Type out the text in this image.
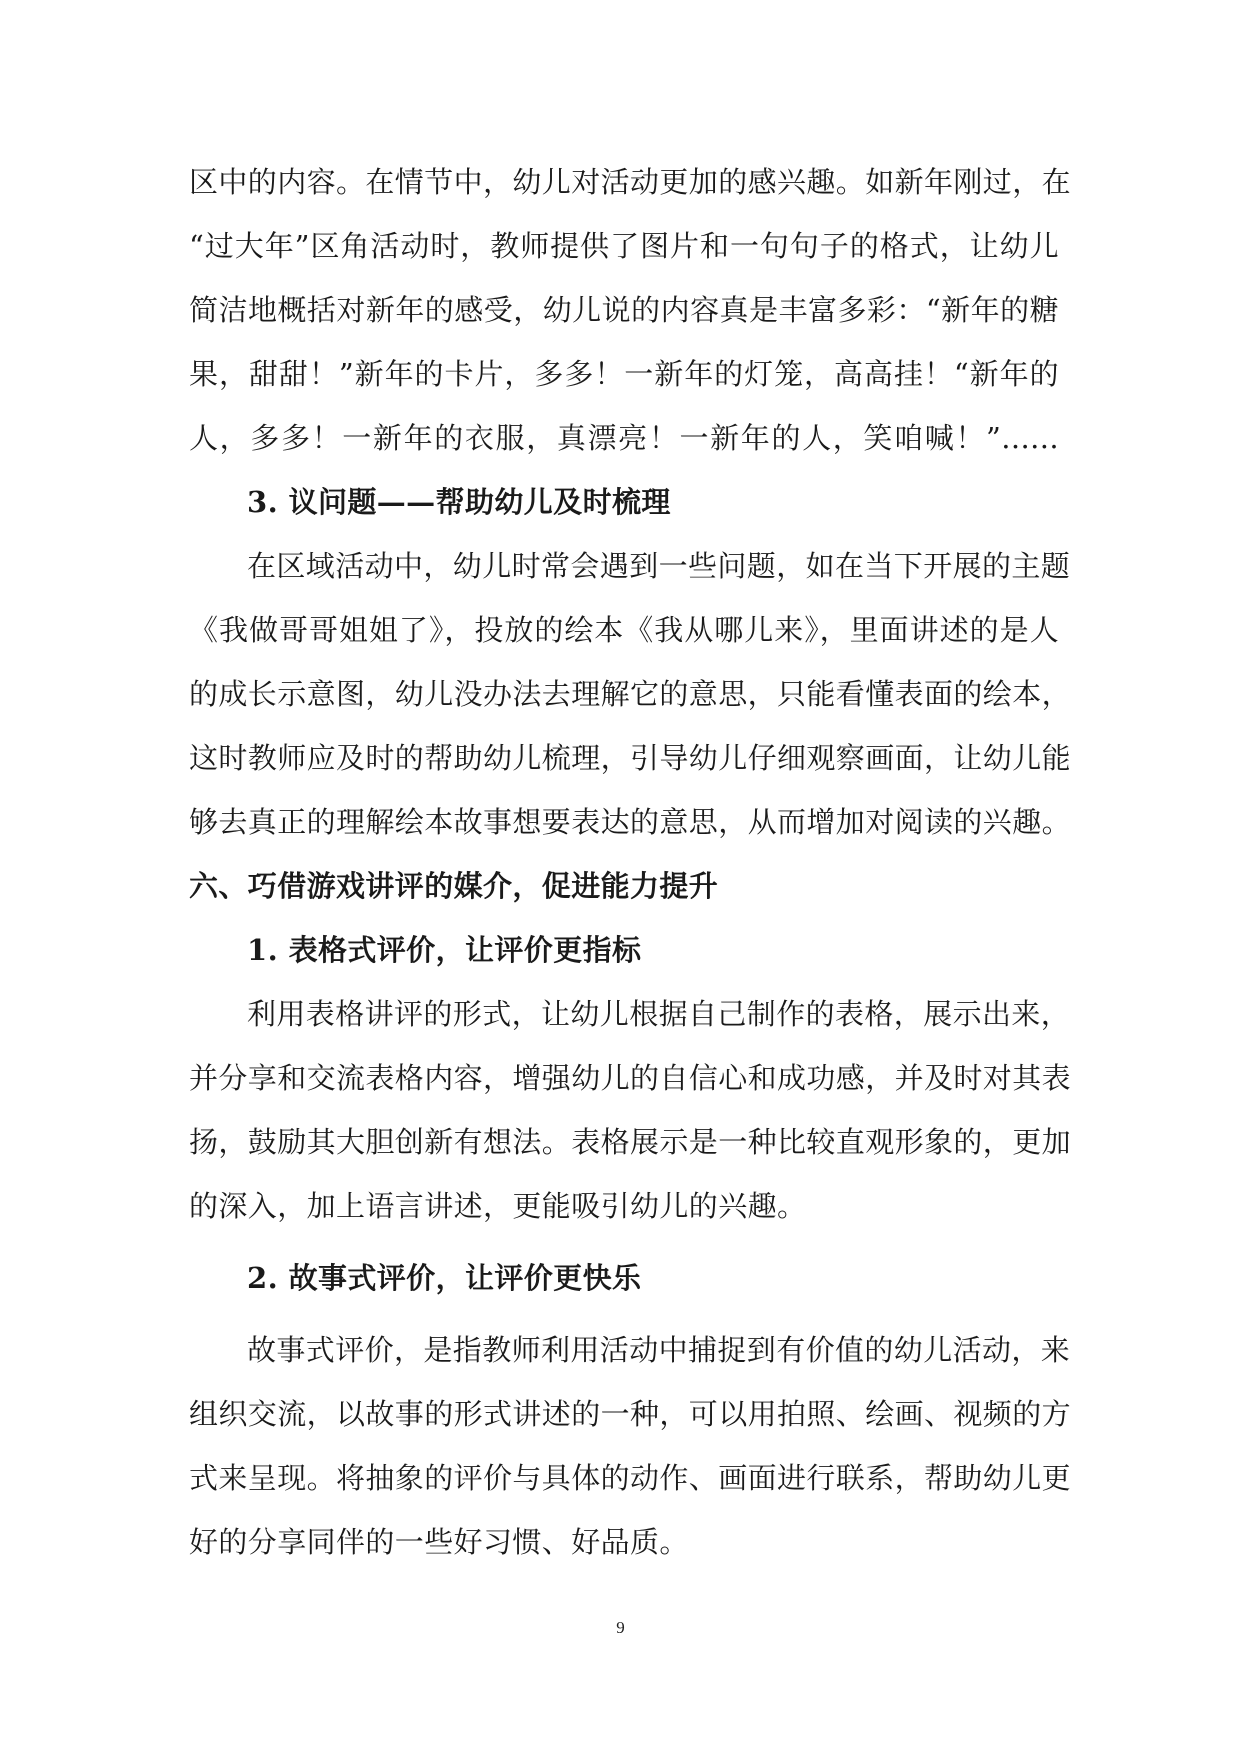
区中的内容。在情节中，幼儿对活动更加的感兴趣。如新年刚过，在
“过大年”区角活动时，教师提供了图片和一句句子的格式，让幼儿
简洁地概括对新年的感受，幼儿说的内容真是丰富多彩：“新年的糖
果，甜甜！”新年的卡片，多多！一新年的灯笼，高高挂！“新年的
人，多多！一新年的衣服，真漂亮！一新年的人，笑咱喊！”......
3. 议问题——帮助幼儿及时梳理
在区域活动中，幼儿时常会遇到一些问题，如在当下开展的主题
《我做哥哥姐姐了》，投放的绘本《我从哪儿来》，里面讲述的是人
的成长示意图，幼儿没办法去理解它的意思，只能看懂表面的绘本，
这时教师应及时的帮助幼儿梳理，引导幼儿仔细观察画面，让幼儿能
够去真正的理解绘本故事想要表达的意思，从而增加对阅读的兴趣。
六、巧借游戏讲评的媒介，促进能力提升
1. 表格式评价，让评价更指标
利用表格讲评的形式，让幼儿根据自己制作的表格，展示出来，
并分享和交流表格内容，增强幼儿的自信心和成功感，并及时对其表
扬，鼓励其大胆创新有想法。表格展示是一种比较直观形象的，更加
的深入，加上语言讲述，更能吸引幼儿的兴趣。
2. 故事式评价，让评价更快乐
故事式评价，是指教师利用活动中捕捉到有价值的幼儿活动，来
组织交流，以故事的形式讲述的一种，可以用拍照、绘画、视频的方
式来呈现。将抽象的评价与具体的动作、画面进行联系，帮助幼儿更
好的分享同伴的一些好习惯、好品质。
9
